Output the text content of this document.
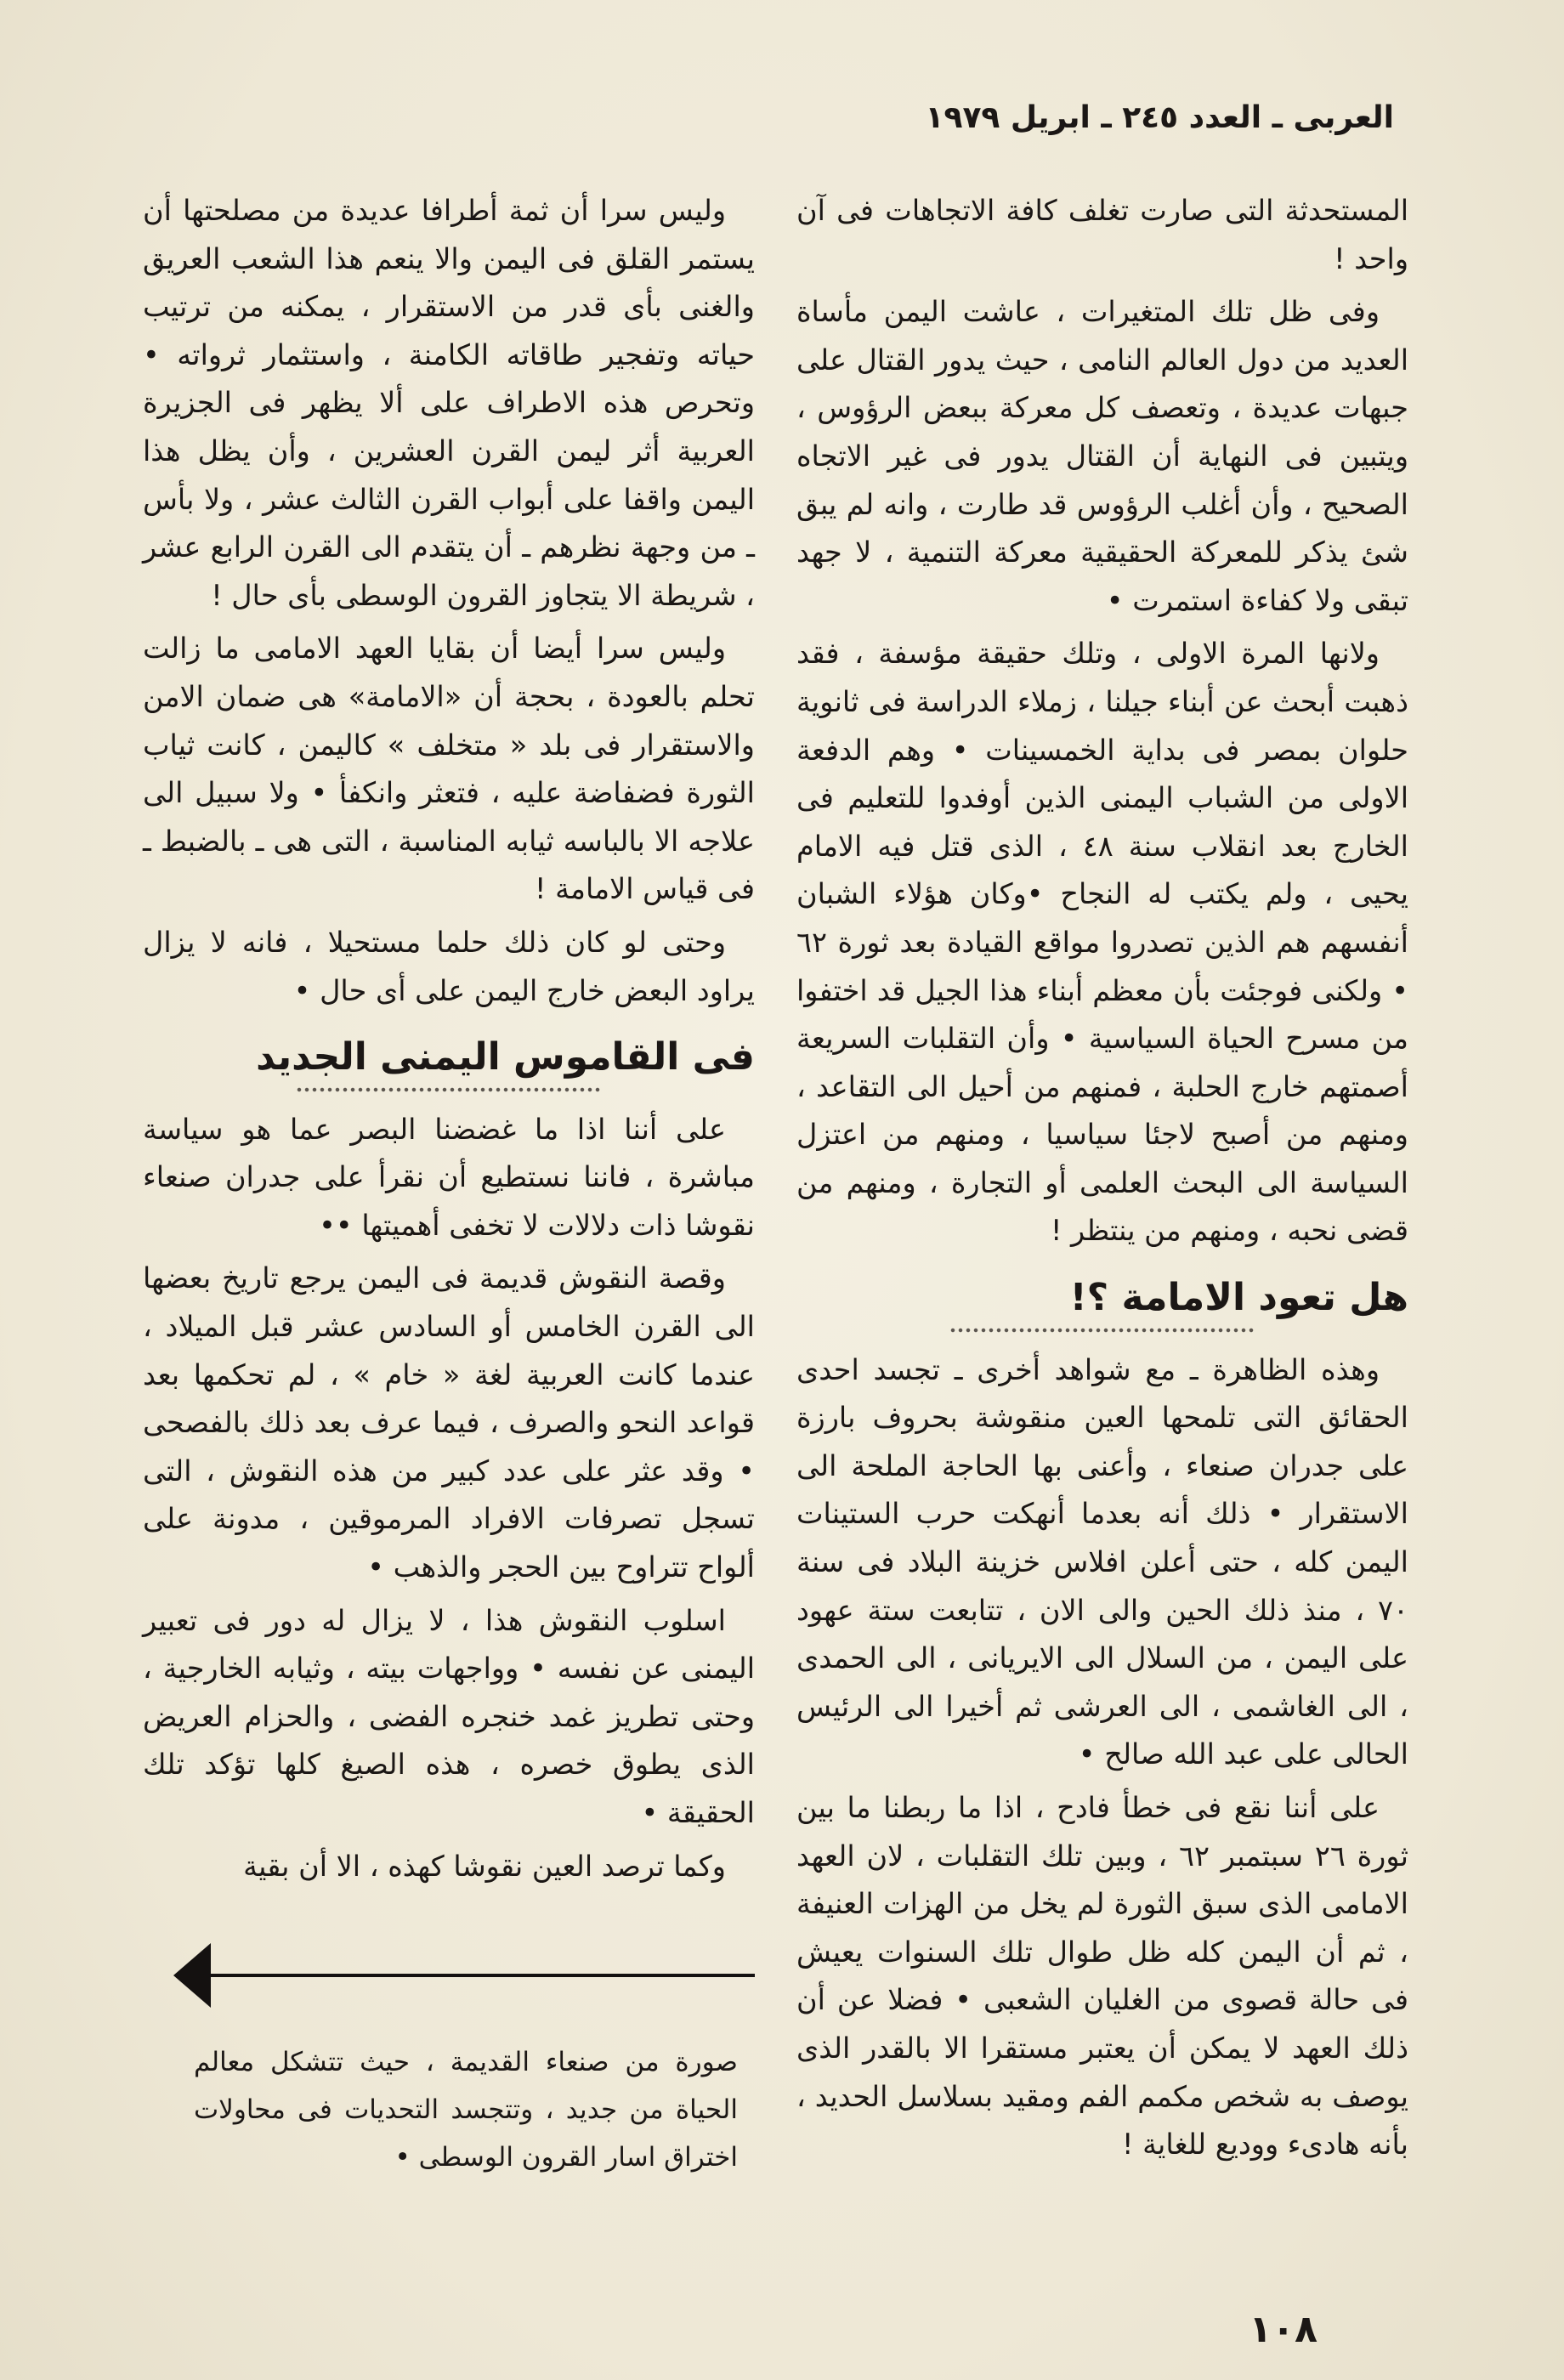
العربى ـ العدد ٢٤٥ ـ ابريل ١٩٧٩

المستحدثة التى صارت تغلف كافة الاتجاهات فى آن واحد !

وفى ظل تلك المتغيرات ، عاشت اليمن مأساة العديد من دول العالم النامى ، حيث يدور القتال على جبهات عديدة ، وتعصف كل معركة ببعض الرؤوس ، ويتبين فى النهاية أن القتال يدور فى غير الاتجاه الصحيح ، وأن أغلب الرؤوس قد طارت ، وانه لم يبق شئ يذكر للمعركة الحقيقية معركة التنمية ، لا جهد تبقى ولا كفاءة استمرت •

ولانها المرة الاولى ، وتلك حقيقة مؤسفة ، فقد ذهبت أبحث عن أبناء جيلنا ، زملاء الدراسة فى ثانوية حلوان بمصر فى بداية الخمسينات • وهم الدفعة الاولى من الشباب اليمنى الذين أوفدوا للتعليم فى الخارج بعد انقلاب سنة ٤٨ ، الذى قتل فيه الامام يحيى ، ولم يكتب له النجاح •وكان هؤلاء الشبان أنفسهم هم الذين تصدروا مواقع القيادة بعد ثورة ٦٢ • ولكنى فوجئت بأن معظم أبناء هذا الجيل قد اختفوا من مسرح الحياة السياسية • وأن التقلبات السريعة أصمتهم خارج الحلبة ، فمنهم من أحيل الى التقاعد ، ومنهم من أصبح لاجئا سياسيا ، ومنهم من اعتزل السياسة الى البحث العلمى أو التجارة ، ومنهم من قضى نحبه ، ومنهم من ينتظر !

هل تعود الامامة ؟!

وهذه الظاهرة ـ مع شواهد أخرى ـ تجسد احدى الحقائق التى تلمحها العين منقوشة بحروف بارزة على جدران صنعاء ، وأعنى بها الحاجة الملحة الى الاستقرار • ذلك أنه بعدما أنهكت حرب الستينات اليمن كله ، حتى أعلن افلاس خزينة البلاد فى سنة ٧٠ ، منذ ذلك الحين والى الان ، تتابعت ستة عهود على اليمن ، من السلال الى الايريانى ، الى الحمدى ، الى الغاشمى ، الى العرشى ثم أخيرا الى الرئيس الحالى على عبد الله صالح •

على أننا نقع فى خطأ فادح ، اذا ما ربطنا ما بين ثورة ٢٦ سبتمبر ٦٢ ، وبين تلك التقلبات ، لان العهد الامامى الذى سبق الثورة لم يخل من الهزات العنيفة ، ثم أن اليمن كله ظل طوال تلك السنوات يعيش فى حالة قصوى من الغليان الشعبى • فضلا عن أن ذلك العهد لا يمكن أن يعتبر مستقرا الا بالقدر الذى يوصف به شخص مكمم الفم ومقيد بسلاسل الحديد ، بأنه هادىء ووديع للغاية !

وليس سرا أن ثمة أطرافا عديدة من مصلحتها أن يستمر القلق فى اليمن والا ينعم هذا الشعب العريق والغنى بأى قدر من الاستقرار ، يمكنه من ترتيب حياته وتفجير طاقاته الكامنة ، واستثمار ثرواته • وتحرص هذه الاطراف على ألا يظهر فى الجزيرة العربية أثر ليمن القرن العشرين ، وأن يظل هذا اليمن واقفا على أبواب القرن الثالث عشر ، ولا بأس ـ من وجهة نظرهم ـ أن يتقدم الى القرن الرابع عشر ، شريطة الا يتجاوز القرون الوسطى بأى حال !

وليس سرا أيضا أن بقايا العهد الامامى ما زالت تحلم بالعودة ، بحجة أن «الامامة» هى ضمان الامن والاستقرار فى بلد « متخلف » كاليمن ، كانت ثياب الثورة فضفاضة عليه ، فتعثر وانكفأ • ولا سبيل الى علاجه الا بالباسه ثيابه المناسبة ، التى هى ـ بالضبط ـ فى قياس الامامة !

وحتى لو كان ذلك حلما مستحيلا ، فانه لا يزال يراود البعض خارج اليمن على أى حال •

فى القاموس اليمنى الجديد

على أننا اذا ما غضضنا البصر عما هو سياسة مباشرة ، فاننا نستطيع أن نقرأ على جدران صنعاء نقوشا ذات دلالات لا تخفى أهميتها ••

وقصة النقوش قديمة فى اليمن يرجع تاريخ بعضها الى القرن الخامس أو السادس عشر قبل الميلاد ، عندما كانت العربية لغة « خام » ، لم تحكمها بعد قواعد النحو والصرف ، فيما عرف بعد ذلك بالفصحى • وقد عثر على عدد كبير من هذه النقوش ، التى تسجل تصرفات الافراد المرموقين ، مدونة على ألواح تتراوح بين الحجر والذهب •

اسلوب النقوش هذا ، لا يزال له دور فى تعبير اليمنى عن نفسه • وواجهات بيته ، وثيابه الخارجية ، وحتى تطريز غمد خنجره الفضى ، والحزام العريض الذى يطوق خصره ، هذه الصيغ كلها تؤكد تلك الحقيقة •

وكما ترصد العين نقوشا كهذه ، الا أن بقية

صورة من صنعاء القديمة ، حيث تتشكل معالم الحياة من جديد ، وتتجسد التحديات فى محاولات اختراق اسار القرون الوسطى •
١٠٨
